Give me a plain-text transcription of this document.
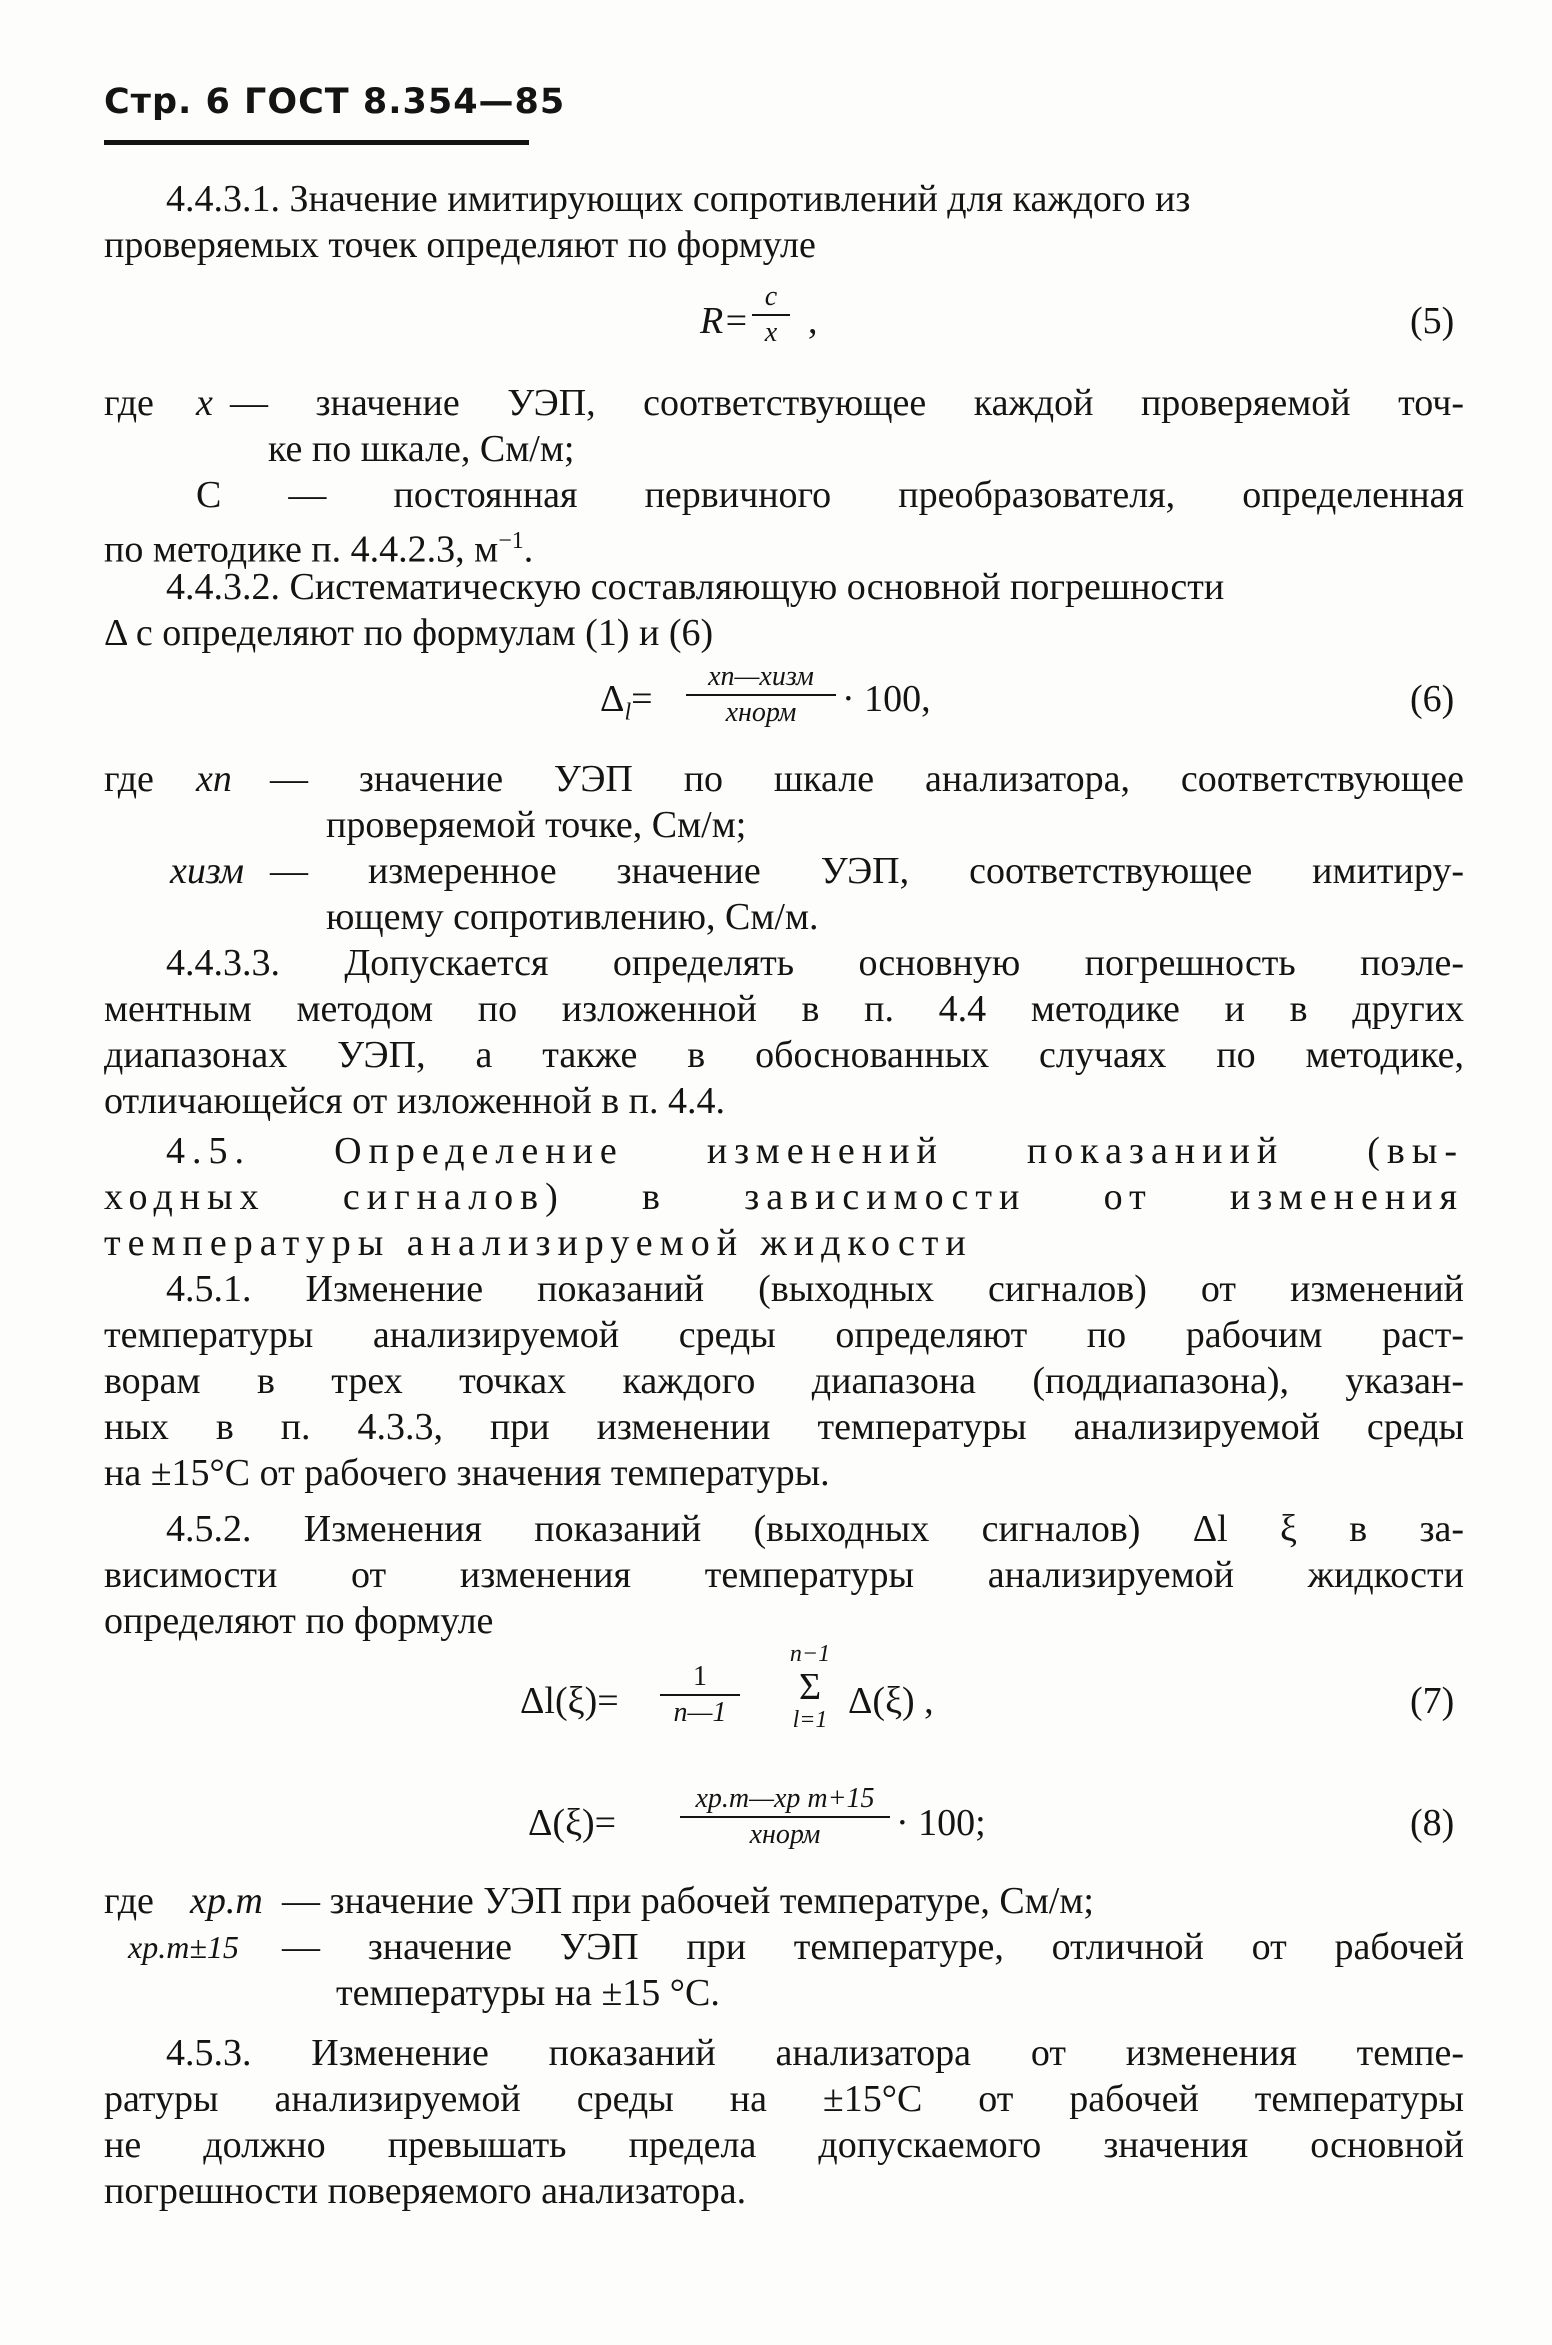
Стр. 6 ГОСТ 8.354—85
4.4.3.1. Значение имитирующих сопротивлений для каждого из
проверяемых точек определяют по формуле
R=
c
x ,	(5)
где x — значение УЭП, соответствующее каждой проверяемой точ-
ке по шкале, См/м;
С — постоянная первичного преобразователя, определенная
по методике п. 4.4.2.3, $м^{-1}$.
4.4.3.2. Систематическую составляющую основной погрешности
Δ с определяют по формулам (1) и (6)
$\Delta_l=$
xп—xизм
xнорм	· 100,	(6)
где xп — значение УЭП по шкале анализатора, соответствующее
проверяемой точке, См/м;
xизм — измеренное значение УЭП, соответствующее имитиру-
ющему сопротивлению, См/м.
4.4.3.3. Допускается определять основную погрешность поэле-
ментным методом по изложенной в п. 4.4 методике и в других
диапазонах УЭП, а также в обоснованных случаях по методике,
отличающейся от изложенной в п. 4.4.
4.5. Определение изменений показаниий (вы-
ходных сигналов) в зависимости от изменения
температуры анализируемой жидкости
4.5.1. Изменение показаний (выходных сигналов) от изменений
температуры анализируемой среды определяют по рабочим раст-
ворам в трех точках каждого диапазона (поддиапазона), указан-
ных в п. 4.3.3, при изменении температуры анализируемой среды
на ±15°С от рабочего значения температуры.
4.5.2. Изменения показаний (выходных сигналов) Δl ξ в за-
висимости от изменения температуры анализируемой жидкости
определяют по формуле
Δl(ξ)=
1
n—1
n−1
Σ
l=1 Δ(ξ) ,	(7)
Δ(ξ)=
xр.т—xр т+15
xнорм	· 100;	(8)
где xр.т — значение УЭП при рабочей температуре, См/м;
xр.т±15 — значение УЭП при температуре, отличной от рабочей
температуры на ±15 °С.
4.5.3. Изменение показаний анализатора от изменения темпе-
ратуры анализируемой среды на ±15°С от рабочей температуры
не должно превышать предела допускаемого значения основной
погрешности поверяемого анализатора.
